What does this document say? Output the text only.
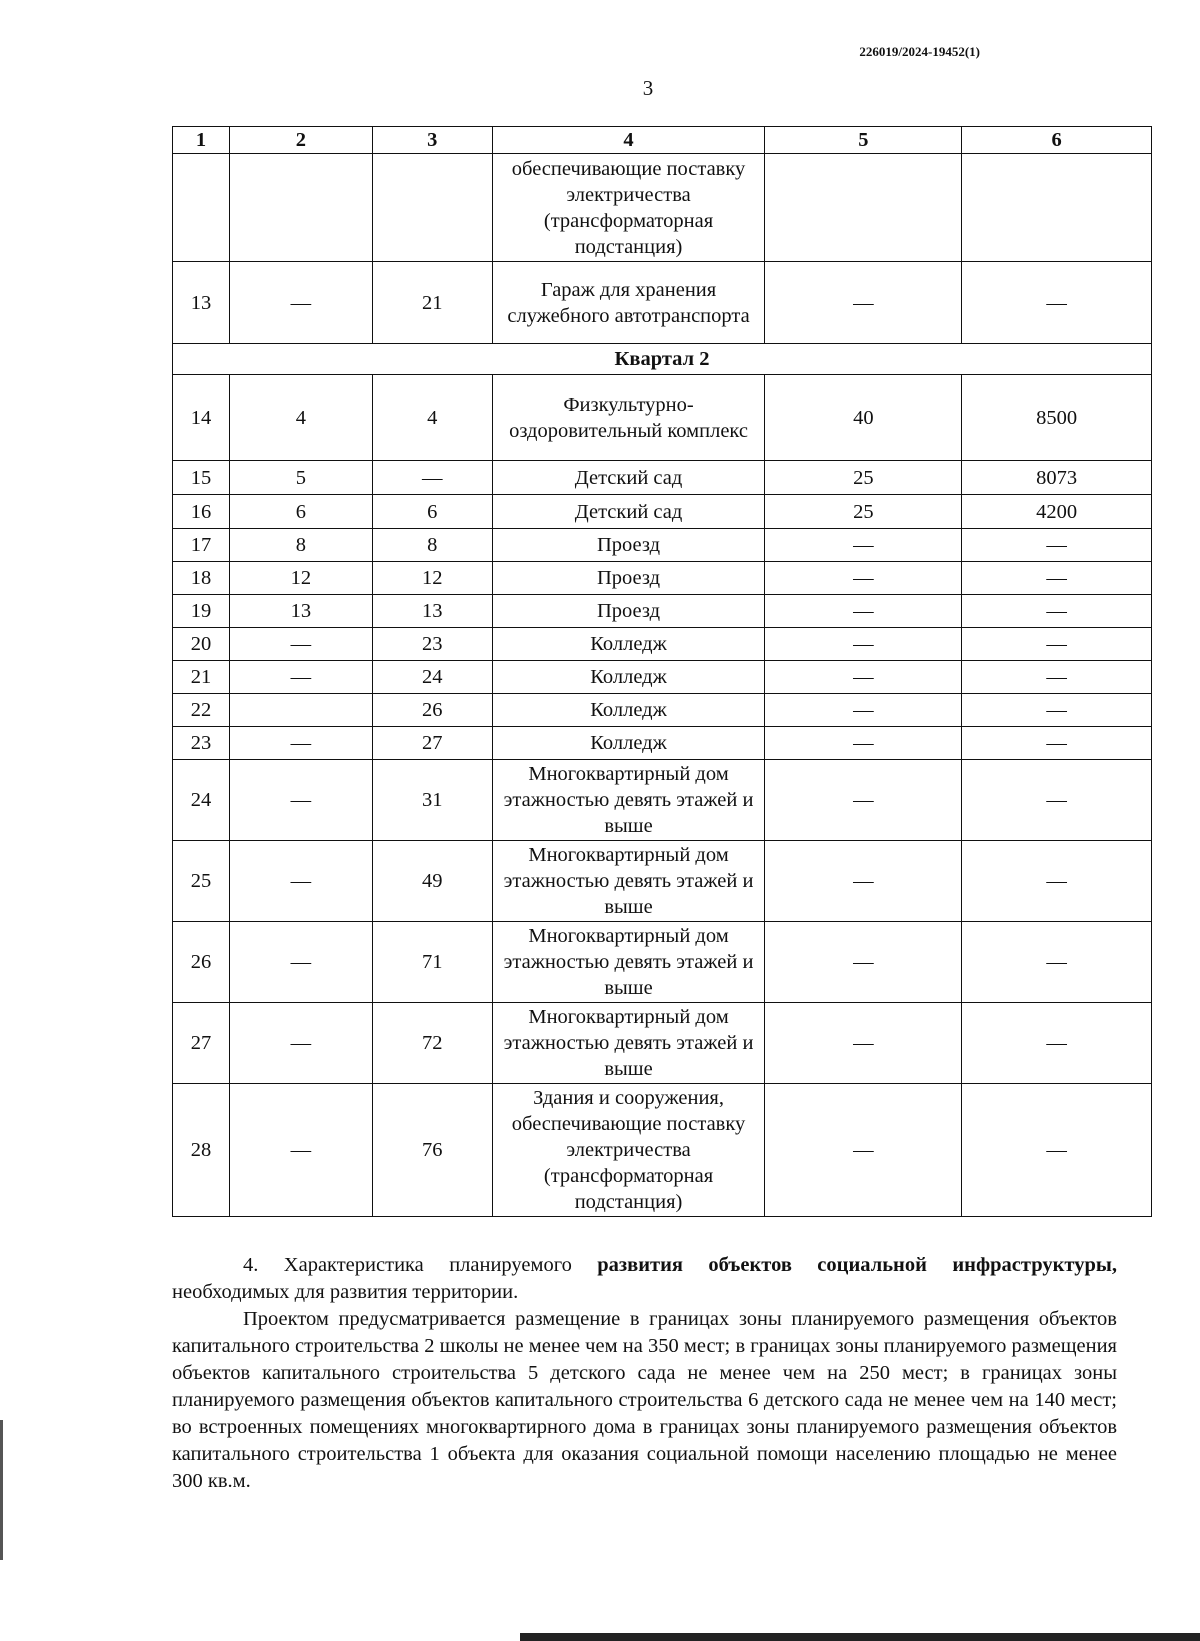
226019/2024-19452(1)
3
1	2	3	4	5	6
			обеспечивающие поставку электричества (трансформаторная подстанция)		
13	—	21	Гараж для хранения служебного автотранспорта	—	—
Квартал 2					
14	4	4	Физкультурно-оздоровительный комплекс	40	8500
15	5	—	Детский сад	25	8073
16	6	6	Детский сад	25	4200
17	8	8	Проезд	—	—
18	12	12	Проезд	—	—
19	13	13	Проезд	—	—
20	—	23	Колледж	—	—
21	—	24	Колледж	—	—
22		26	Колледж	—	—
23	—	27	Колледж	—	—
24	—	31	Многоквартирный дом этажностью девять этажей и выше	—	—
25	—	49	Многоквартирный дом этажностью девять этажей и выше	—	—
26	—	71	Многоквартирный дом этажностью девять этажей и выше	—	—
27	—	72	Многоквартирный дом этажностью девять этажей и выше	—	—
28	—	76	Здания и сооружения, обеспечивающие поставку электричества (трансформаторная подстанция)	—	—
4. Характеристика планируемого развития объектов социальной инфраструктуры, необходимых для развития территории.
Проектом предусматривается размещение в границах зоны планируемого размещения объектов капитального строительства 2 школы не менее чем на 350 мест; в границах зоны планируемого размещения объектов капитального строительства 5 детского сада не менее чем на 250 мест; в границах зоны планируемого размещения объектов капитального строительства 6 детского сада не менее чем на 140 мест; во встроенных помещениях многоквартирного дома в границах зоны планируемого размещения объектов капитального строительства 1 объекта для оказания социальной помощи населению площадью не менее 300 кв.м.
